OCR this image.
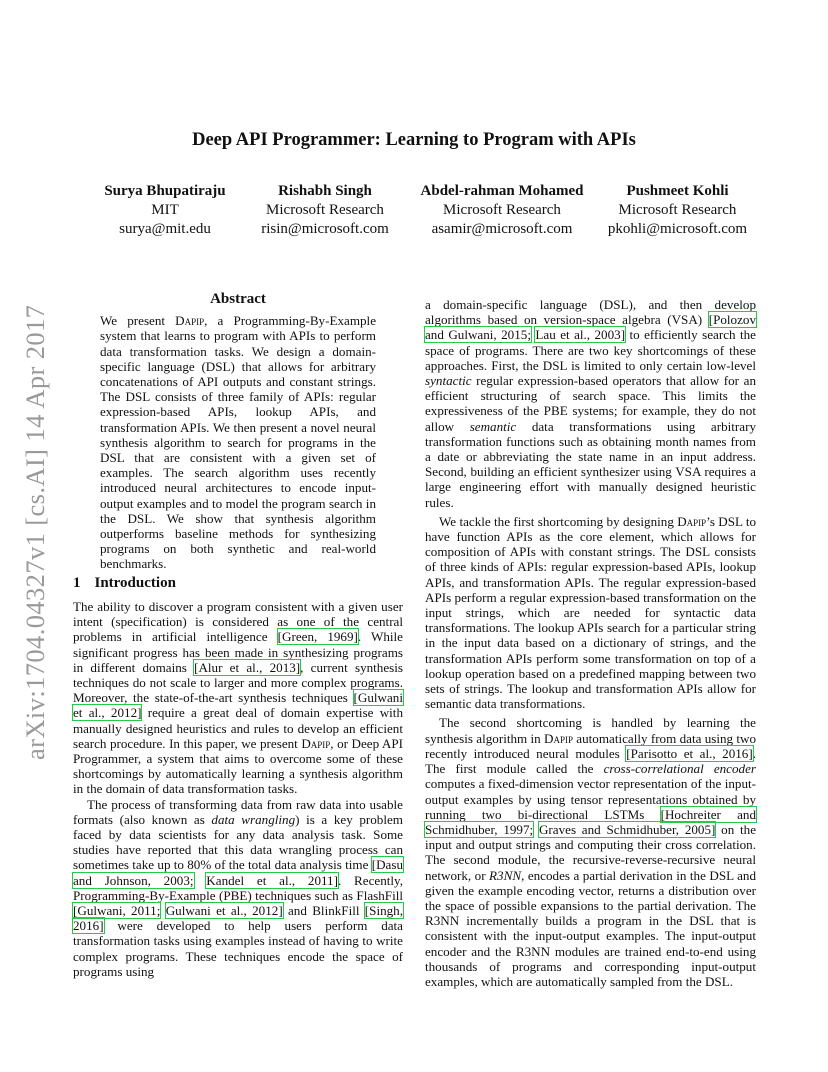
Deep API Programmer: Learning to Program with APIs
Surya Bhupatiraju
MIT
surya@mit.edu
Rishabh Singh
Microsoft Research
risin@microsoft.com
Abdel-rahman Mohamed
Microsoft Research
asamir@microsoft.com
Pushmeet Kohli
Microsoft Research
pkohli@microsoft.com
arXiv:1704.04327v1 [cs.AI] 14 Apr 2017
Abstract

We present Dapip, a Programming-By-Example system that learns to program with APIs to perform data transformation tasks. We design a domain-specific language (DSL) that allows for arbitrary concatenations of API outputs and constant strings. The DSL consists of three family of APIs: regular expression-based APIs, lookup APIs, and transformation APIs. We then present a novel neural synthesis algorithm to search for programs in the DSL that are consistent with a given set of examples. The search algorithm uses recently introduced neural architectures to encode input-output examples and to model the program search in the DSL. We show that synthesis algorithm outperforms baseline methods for synthesizing programs on both synthetic and real-world benchmarks.

1 Introduction

The ability to discover a program consistent with a given user intent (specification) is considered as one of the central problems in artificial intelligence [Green, 1969]. While significant progress has been made in synthesizing programs in different domains [Alur et al., 2013], current synthesis techniques do not scale to larger and more complex programs. Moreover, the state-of-the-art synthesis techniques [Gulwani et al., 2012] require a great deal of domain expertise with manually designed heuristics and rules to develop an efficient search procedure. In this paper, we present Dapip, or Deep API Programmer, a system that aims to overcome some of these shortcomings by automatically learning a synthesis algorithm in the domain of data transformation tasks.

The process of transforming data from raw data into usable formats (also known as data wrangling) is a key problem faced by data scientists for any data analysis task. Some studies have reported that this data wrangling process can sometimes take up to 80% of the total data analysis time [Dasu and Johnson, 2003; Kandel et al., 2011]. Recently, Programming-By-Example (PBE) techniques such as FlashFill [Gulwani, 2011; Gulwani et al., 2012] and BlinkFill [Singh, 2016] were developed to help users perform data transformation tasks using examples instead of having to write complex programs. These techniques encode the space of programs using

a domain-specific language (DSL), and then develop algorithms based on version-space algebra (VSA) [Polozov and Gulwani, 2015; Lau et al., 2003] to efficiently search the space of programs. There are two key shortcomings of these approaches. First, the DSL is limited to only certain low-level syntactic regular expression-based operators that allow for an efficient structuring of search space. This limits the expressiveness of the PBE systems; for example, they do not allow semantic data transformations using arbitrary transformation functions such as obtaining month names from a date or abbreviating the state name in an input address. Second, building an efficient synthesizer using VSA requires a large engineering effort with manually designed heuristic rules.

We tackle the first shortcoming by designing Dapip’s DSL to have function APIs as the core element, which allows for composition of APIs with constant strings. The DSL consists of three kinds of APIs: regular expression-based APIs, lookup APIs, and transformation APIs. The regular expression-based APIs perform a regular expression-based transformation on the input strings, which are needed for syntactic data transformations. The lookup APIs search for a particular string in the input data based on a dictionary of strings, and the transformation APIs perform some transformation on top of a lookup operation based on a predefined mapping between two sets of strings. The lookup and transformation APIs allow for semantic data transformations.

The second shortcoming is handled by learning the synthesis algorithm in Dapip automatically from data using two recently introduced neural modules [Parisotto et al., 2016]. The first module called the cross-correlational encoder computes a fixed-dimension vector representation of the input-output examples by using tensor representations obtained by running two bi-directional LSTMs [Hochreiter and Schmidhuber, 1997; Graves and Schmidhuber, 2005] on the input and output strings and computing their cross correlation. The second module, the recursive-reverse-recursive neural network, or R3NN, encodes a partial derivation in the DSL and given the example encoding vector, returns a distribution over the space of possible expansions to the partial derivation. The R3NN incrementally builds a program in the DSL that is consistent with the input-output examples. The input-output encoder and the R3NN modules are trained end-to-end using thousands of programs and corresponding input-output examples, which are automatically sampled from the DSL.
